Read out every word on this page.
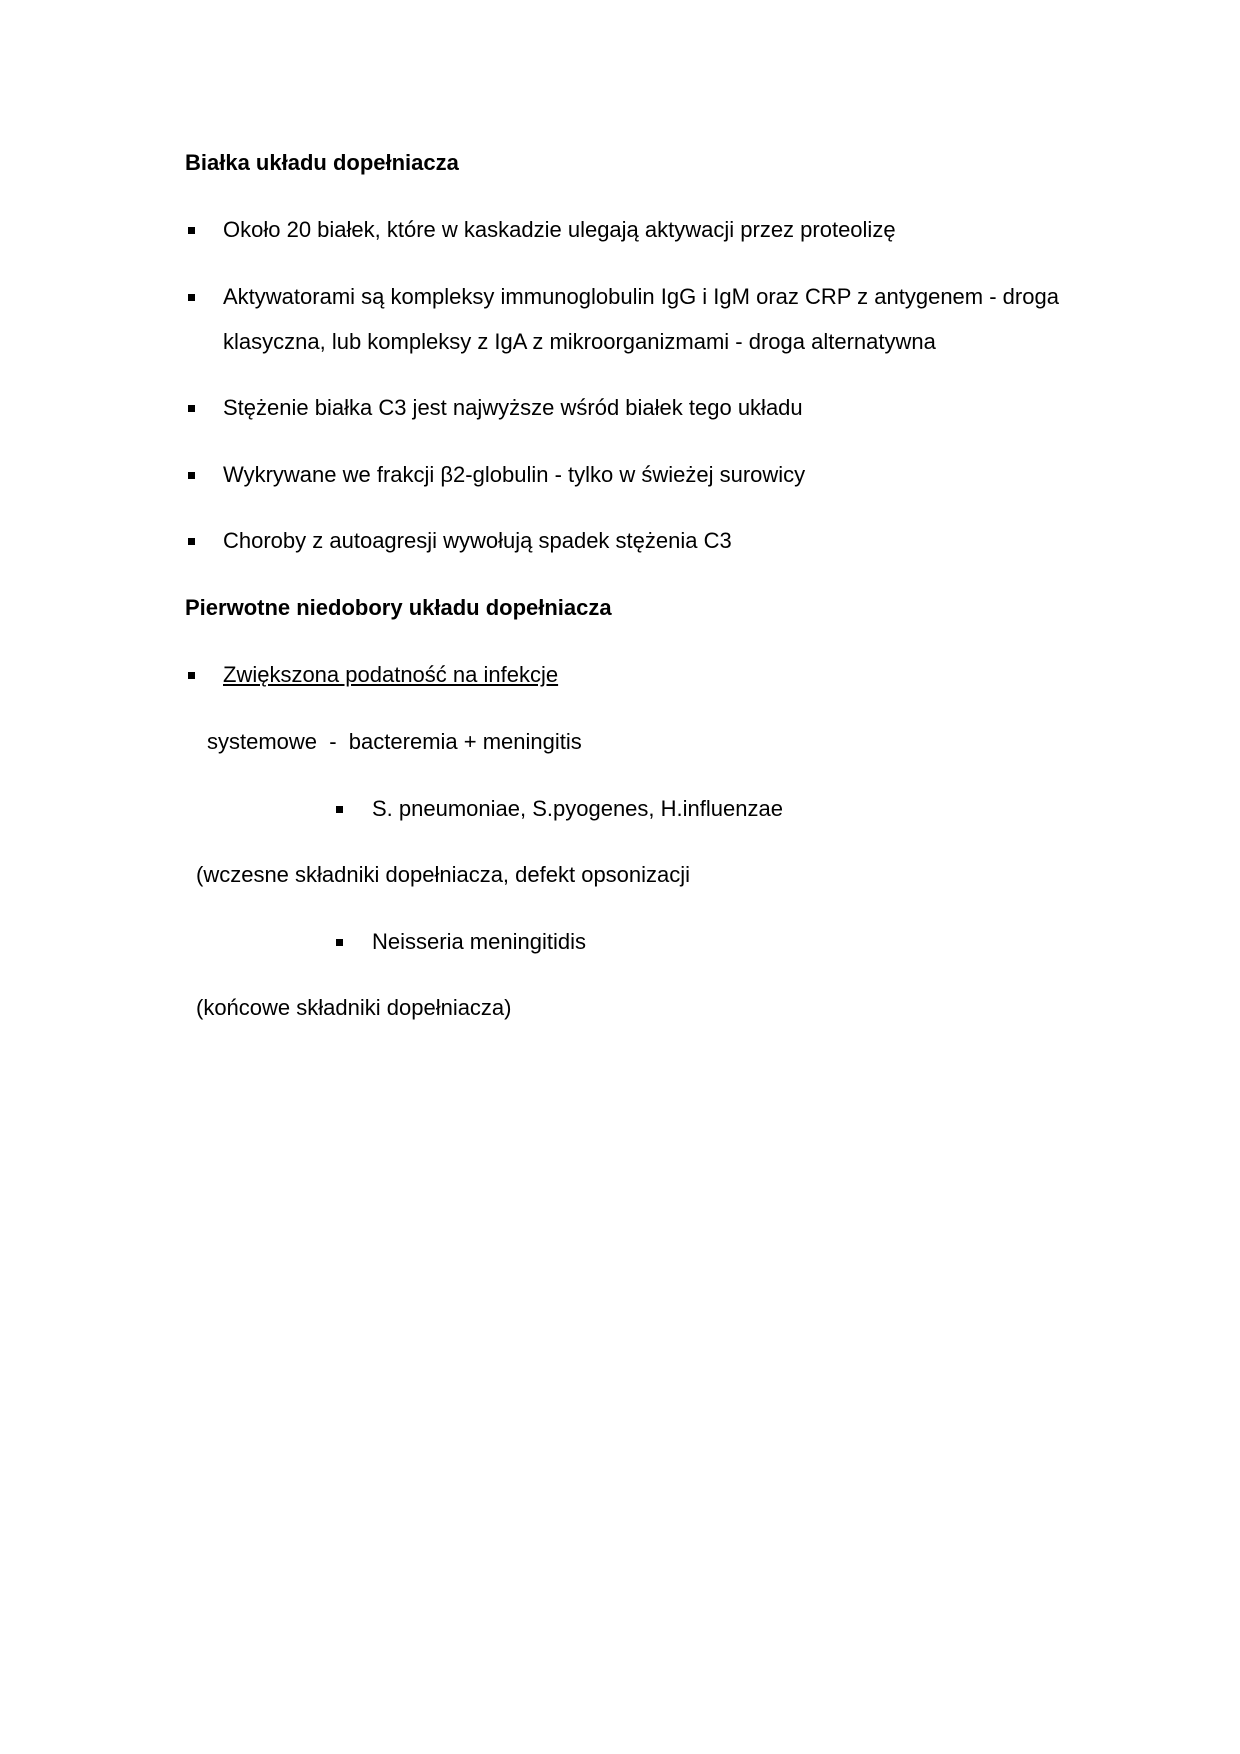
Białka układu dopełniacza
Około 20 białek, które w kaskadzie ulegają aktywacji przez proteolizę
Aktywatorami są kompleksy immunoglobulin IgG i IgM oraz CRP z antygenem - droga
klasyczna, lub kompleksy z IgA z mikroorganizmami - droga alternatywna
Stężenie białka C3 jest najwyższe wśród białek tego układu
Wykrywane we frakcji β2-globulin - tylko w świeżej surowicy
Choroby z autoagresji wywołują spadek stężenia C3
Pierwotne niedobory układu dopełniacza
Zwiększona podatność na infekcje
systemowe  -  bacteremia + meningitis
S. pneumoniae, S.pyogenes, H.influenzae
(wczesne składniki dopełniacza, defekt opsonizacji
Neisseria meningitidis
(końcowe składniki dopełniacza)
